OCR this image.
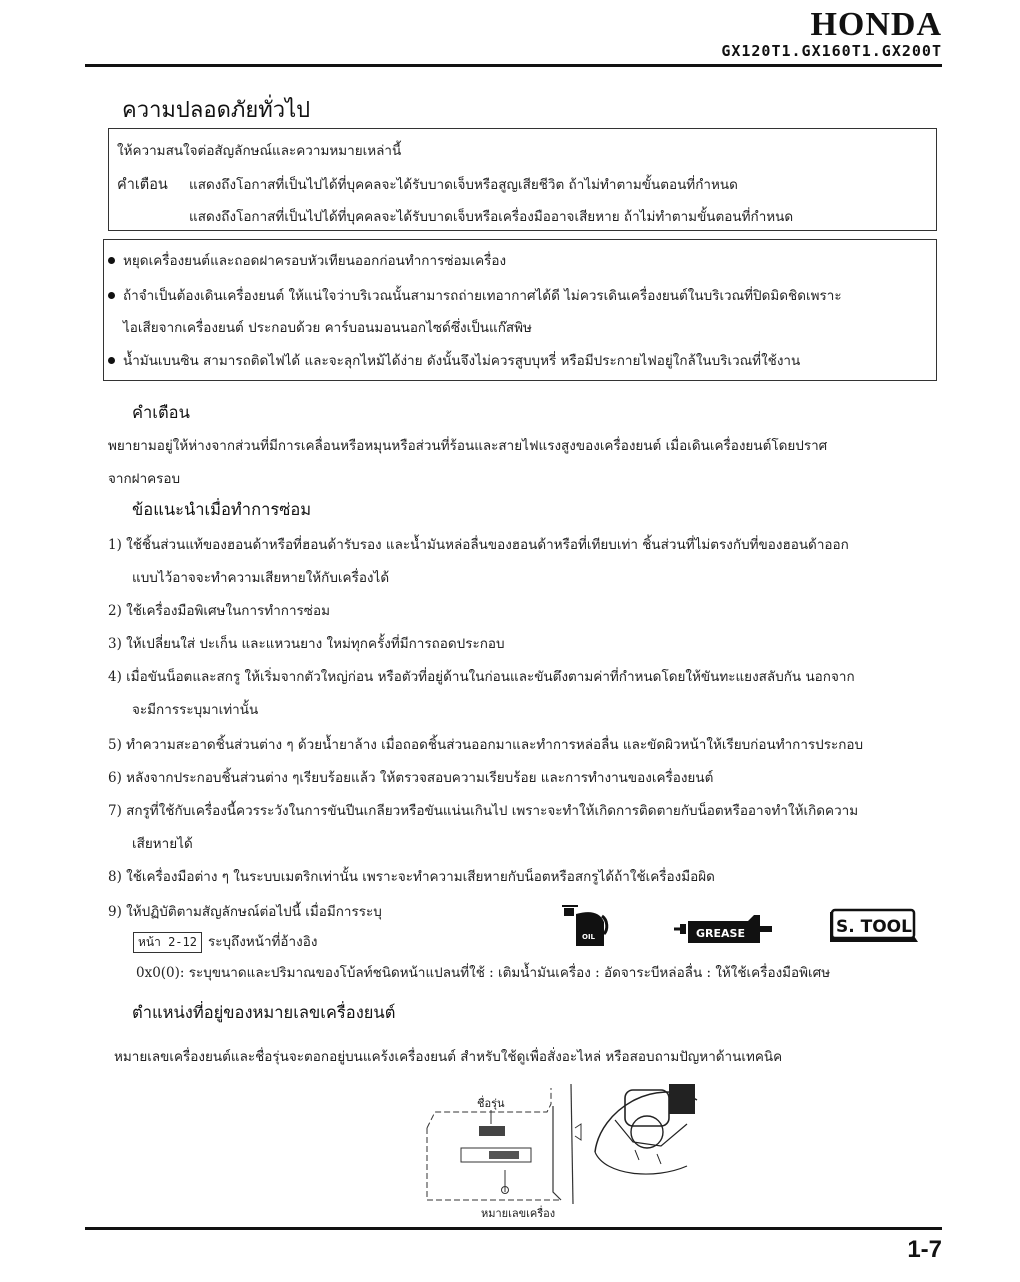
HONDA
GX120T1.GX160T1.GX200T
ความปลอดภัยทั่วไป
ให้ความสนใจต่อสัญลักษณ์และความหมายเหล่านี้
คำเตือน แสดงถึงโอกาสที่เป็นไปได้ที่บุคคลจะได้รับบาดเจ็บหรือสูญเสียชีวิต ถ้าไม่ทำตามขั้นตอนที่กำหนด
แสดงถึงโอกาสที่เป็นไปได้ที่บุคคลจะได้รับบาดเจ็บหรือเครื่องมืออาจเสียหาย ถ้าไม่ทำตามขั้นตอนที่กำหนด
หยุดเครื่องยนต์และถอดฝาครอบหัวเทียนออกก่อนทำการซ่อมเครื่อง
ถ้าจำเป็นต้องเดินเครื่องยนต์ ให้แน่ใจว่าบริเวณนั้นสามารถถ่ายเทอากาศได้ดี ไม่ควรเดินเครื่องยนต์ในบริเวณที่ปิดมิดชิดเพราะ
ไอเสียจากเครื่องยนต์ ประกอบด้วย คาร์บอนมอนนอกไซด์ซึ่งเป็นแก๊สพิษ
น้ำมันเบนซิน สามารถติดไฟได้ และจะลุกไหม้ได้ง่าย ดังนั้นจึงไม่ควรสูบบุหรี่ หรือมีประกายไฟอยู่ใกล้ในบริเวณที่ใช้งาน
คำเตือน
พยายามอยู่ให้ห่างจากส่วนที่มีการเคลื่อนหรือหมุนหรือส่วนที่ร้อนและสายไฟแรงสูงของเครื่องยนต์ เมื่อเดินเครื่องยนต์โดยปราศ
จากฝาครอบ
ข้อแนะนำเมื่อทำการซ่อม
1) ใช้ชิ้นส่วนแท้ของฮอนด้าหรือที่ฮอนด้ารับรอง และน้ำมันหล่อลื่นของฮอนด้าหรือที่เทียบเท่า ชิ้นส่วนที่ไม่ตรงกับที่ของฮอนด้าออก
แบบไว้อาจจะทำความเสียหายให้กับเครื่องได้
2) ใช้เครื่องมือพิเศษในการทำการซ่อม
3) ให้เปลี่ยนใส่ ปะเก็น และแหวนยาง ใหม่ทุกครั้งที่มีการถอดประกอบ
4) เมื่อขันน็อตและสกรู ให้เริ่มจากตัวใหญ่ก่อน หรือตัวที่อยู่ด้านในก่อนและขันตึงตามค่าที่กำหนดโดยให้ขันทะแยงสลับกัน นอกจาก
จะมีการระบุมาเท่านั้น
5) ทำความสะอาดชิ้นส่วนต่าง ๆ ด้วยน้ำยาล้าง เมื่อถอดชิ้นส่วนออกมาและทำการหล่อลื่น และขัดผิวหน้าให้เรียบก่อนทำการประกอบ
6) หลังจากประกอบชิ้นส่วนต่าง ๆเรียบร้อยแล้ว ให้ตรวจสอบความเรียบร้อย และการทำงานของเครื่องยนต์
7) สกรูที่ใช้กับเครื่องนี้ควรระวังในการขันปีนเกลียวหรือขันแน่นเกินไป เพราะจะทำให้เกิดการติดตายกับน็อตหรืออาจทำให้เกิดความ
เสียหายได้
8) ใช้เครื่องมือต่าง ๆ ในระบบเมตริกเท่านั้น เพราะจะทำความเสียหายกับน็อตหรือสกรูได้ถ้าใช้เครื่องมือผิด
9) ให้ปฏิบัติตามสัญลักษณ์ต่อไปนี้ เมื่อมีการระบุ
หน้า 2-12 ระบุถึงหน้าที่อ้างอิง
0x0(0): ระบุขนาดและปริมาณของโบ้ลท์ชนิดหน้าแปลนที่ใช้ : เติมน้ำมันเครื่อง : อัดจาระบีหล่อลื่น : ให้ใช้เครื่องมือพิเศษ
OIL	GREASE	S. TOOL
ตำแหน่งที่อยู่ของหมายเลขเครื่องยนต์
หมายเลขเครื่องยนต์และชื่อรุ่นจะตอกอยู่บนแคร้งเครื่องยนต์ สำหรับใช้ดูเพื่อสั่งอะไหล่ หรือสอบถามปัญหาด้านเทคนิค
ชื่อรุ่น
หมายเลขเครื่อง
1-7
